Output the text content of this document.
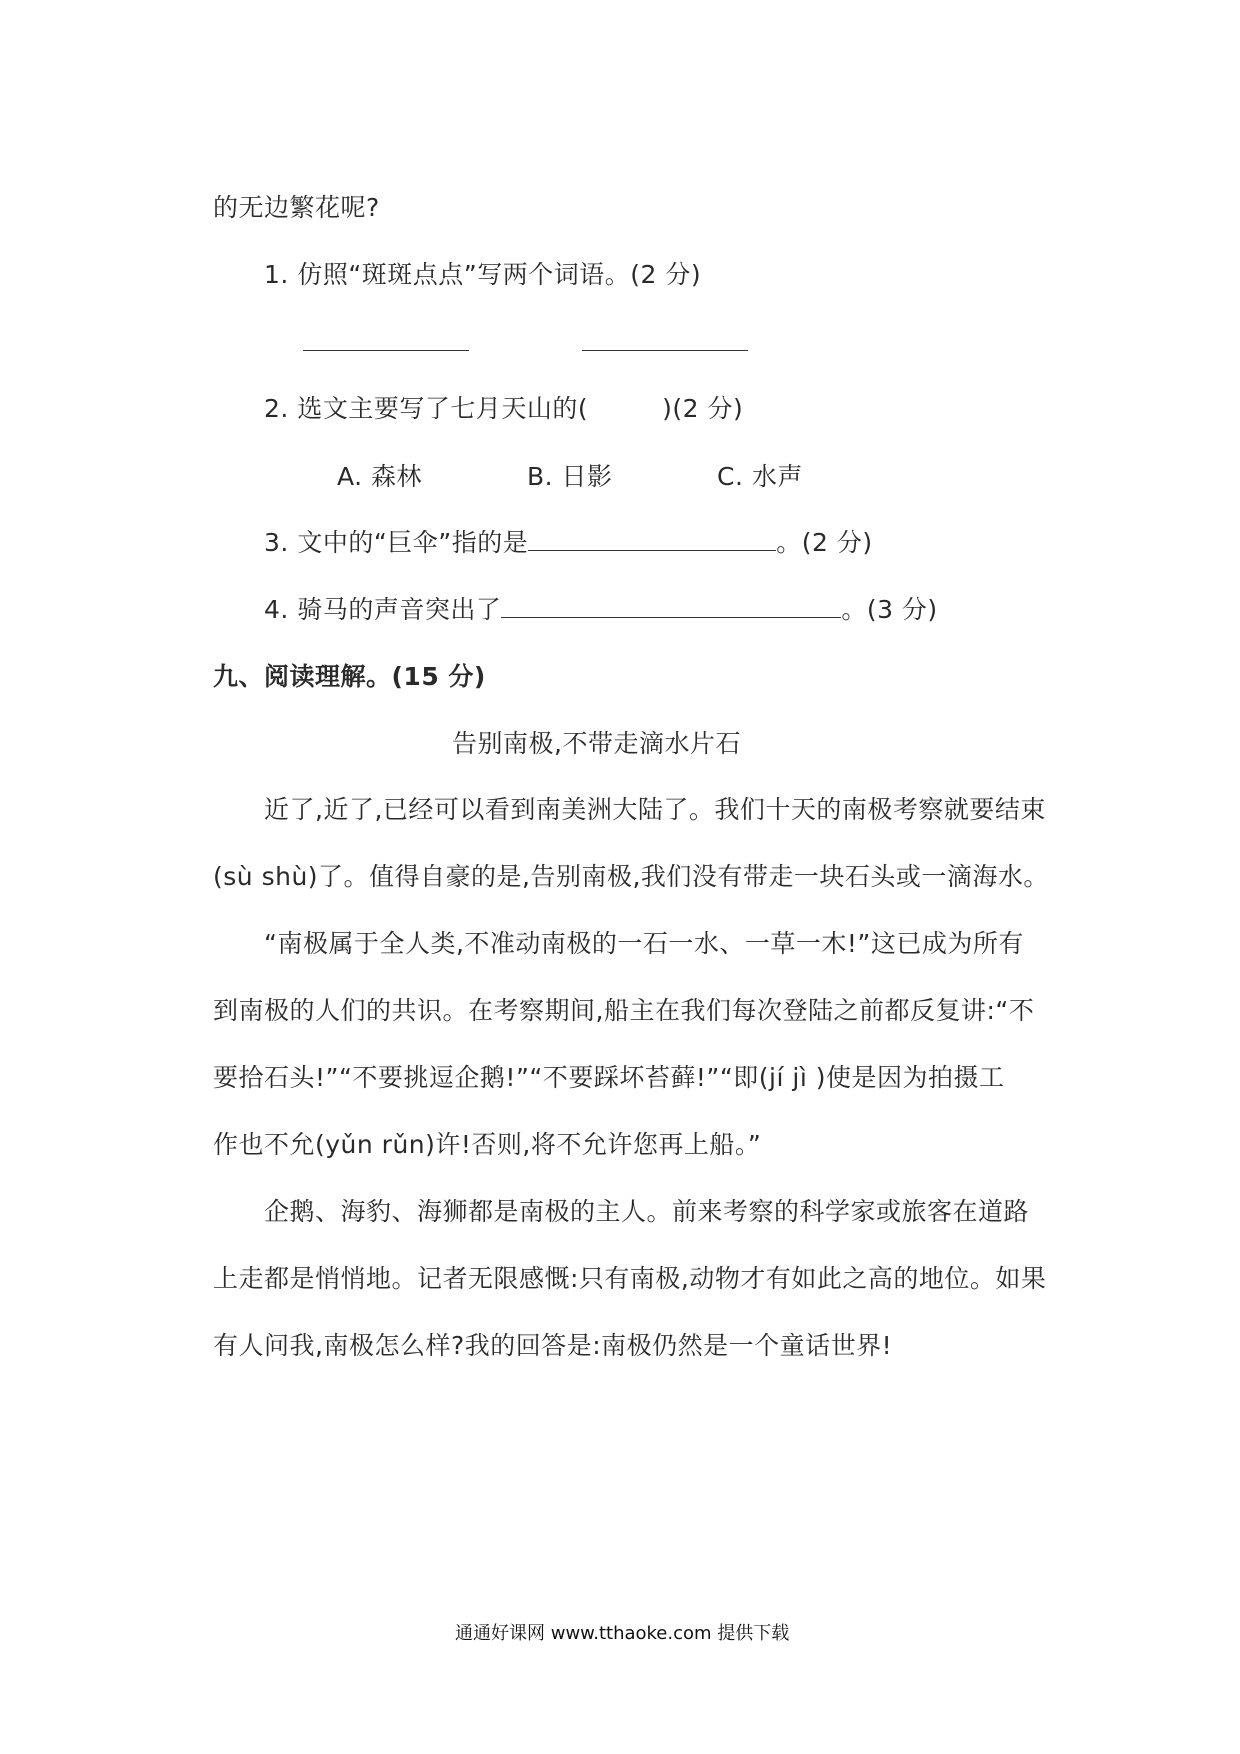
的无边繁花呢?
1. 仿照“斑斑点点”写两个词语。(2 分)

2. 选文主要写了七月天山的(	)(2 分)
A. 森林	B. 日影	C. 水声
3. 文中的“巨伞”指的是	。(2 分)
4. 骑马的声音突出了	。(3 分)
九、阅读理解。(15 分)
告别南极,不带走滴水片石
近了,近了,已经可以看到南美洲大陆了。我们十天的南极考察就要结束
(sù shù)了。值得自豪的是,告别南极,我们没有带走一块石头或一滴海水。
“南极属于全人类,不准动南极的一石一水、一草一木!”这已成为所有
到南极的人们的共识。在考察期间,船主在我们每次登陆之前都反复讲:“不
要拾石头!”“不要挑逗企鹅!”“不要踩坏苔藓!”“即(jí jì )使是因为拍摄工
作也不允(yǔn rǔn)许!否则,将不允许您再上船。”
企鹅、海豹、海狮都是南极的主人。前来考察的科学家或旅客在道路
上走都是悄悄地。记者无限感慨:只有南极,动物才有如此之高的地位。如果
有人问我,南极怎么样?我的回答是:南极仍然是一个童话世界!
通通好课网 www.tthaoke.com 提供下载
